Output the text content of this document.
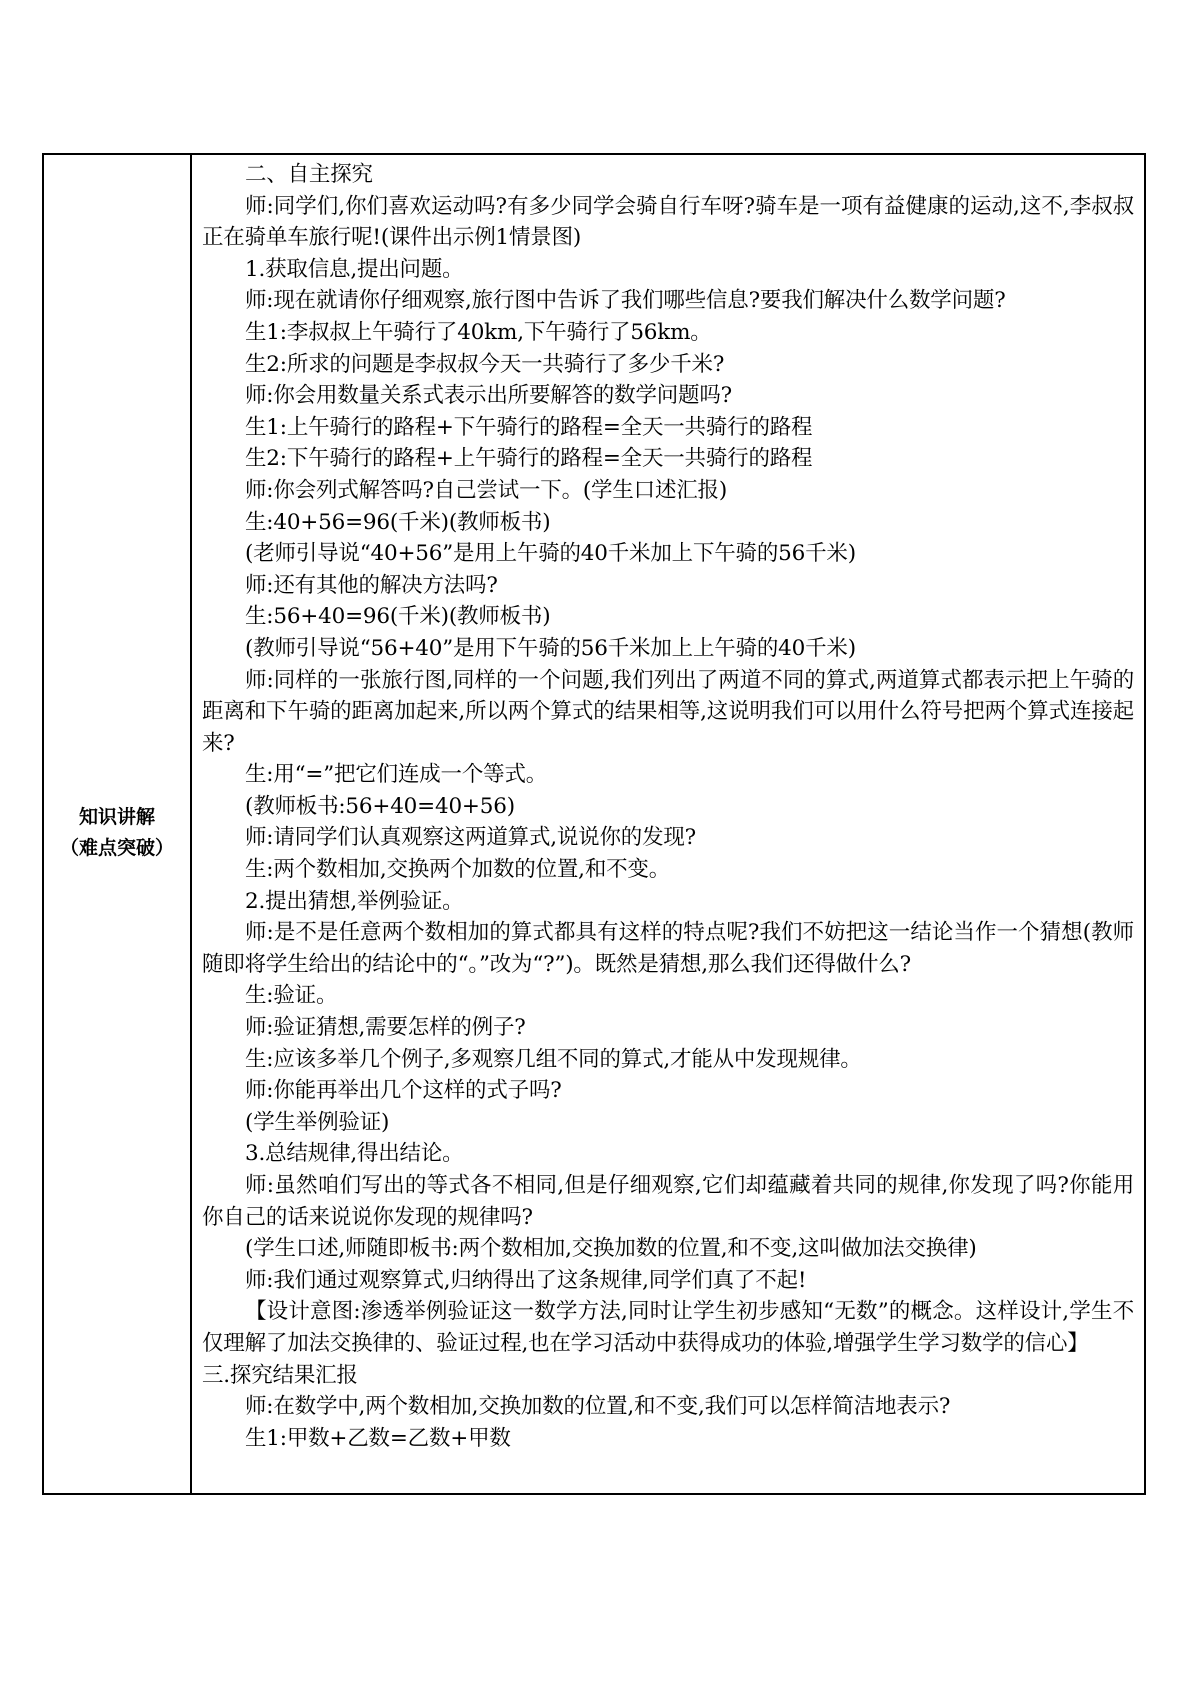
知识讲解
（难点突破）

二、自主探究

师:同学们,你们喜欢运动吗?有多少同学会骑自行车呀?骑车是一项有益健康的运动,这不,李叔叔正在骑单车旅行呢!(课件出示例1情景图)

1.获取信息,提出问题。

师:现在就请你仔细观察,旅行图中告诉了我们哪些信息?要我们解决什么数学问题?

生1:李叔叔上午骑行了40km,下午骑行了56km。

生2:所求的问题是李叔叔今天一共骑行了多少千米?

师:你会用数量关系式表示出所要解答的数学问题吗?

生1:上午骑行的路程+下午骑行的路程=全天一共骑行的路程

生2:下午骑行的路程+上午骑行的路程=全天一共骑行的路程

师:你会列式解答吗?自己尝试一下。(学生口述汇报)

生:40+56=96(千米)(教师板书)

(老师引导说“40+56”是用上午骑的40千米加上下午骑的56千米)

师:还有其他的解决方法吗?

生:56+40=96(千米)(教师板书)

(教师引导说“56+40”是用下午骑的56千米加上上午骑的40千米)

师:同样的一张旅行图,同样的一个问题,我们列出了两道不同的算式,两道算式都表示把上午骑的距离和下午骑的距离加起来,所以两个算式的结果相等,这说明我们可以用什么符号把两个算式连接起来?

生:用“=”把它们连成一个等式。

(教师板书:56+40=40+56)

师:请同学们认真观察这两道算式,说说你的发现?

生:两个数相加,交换两个加数的位置,和不变。

2.提出猜想,举例验证。

师:是不是任意两个数相加的算式都具有这样的特点呢?我们不妨把这一结论当作一个猜想(教师随即将学生给出的结论中的“。”改为“?”)。既然是猜想,那么我们还得做什么?

生:验证。

师:验证猜想,需要怎样的例子?

生:应该多举几个例子,多观察几组不同的算式,才能从中发现规律。

师:你能再举出几个这样的式子吗?

(学生举例验证)

3.总结规律,得出结论。

师:虽然咱们写出的等式各不相同,但是仔细观察,它们却蕴藏着共同的规律,你发现了吗?你能用你自己的话来说说你发现的规律吗?

(学生口述,师随即板书:两个数相加,交换加数的位置,和不变,这叫做加法交换律)

师:我们通过观察算式,归纳得出了这条规律,同学们真了不起!

【设计意图:渗透举例验证这一数学方法,同时让学生初步感知“无数”的概念。这样设计,学生不仅理解了加法交换律的、验证过程,也在学习活动中获得成功的体验,增强学生学习数学的信心】

三.探究结果汇报

师:在数学中,两个数相加,交换加数的位置,和不变,我们可以怎样简洁地表示?

生1:甲数+乙数=乙数+甲数
